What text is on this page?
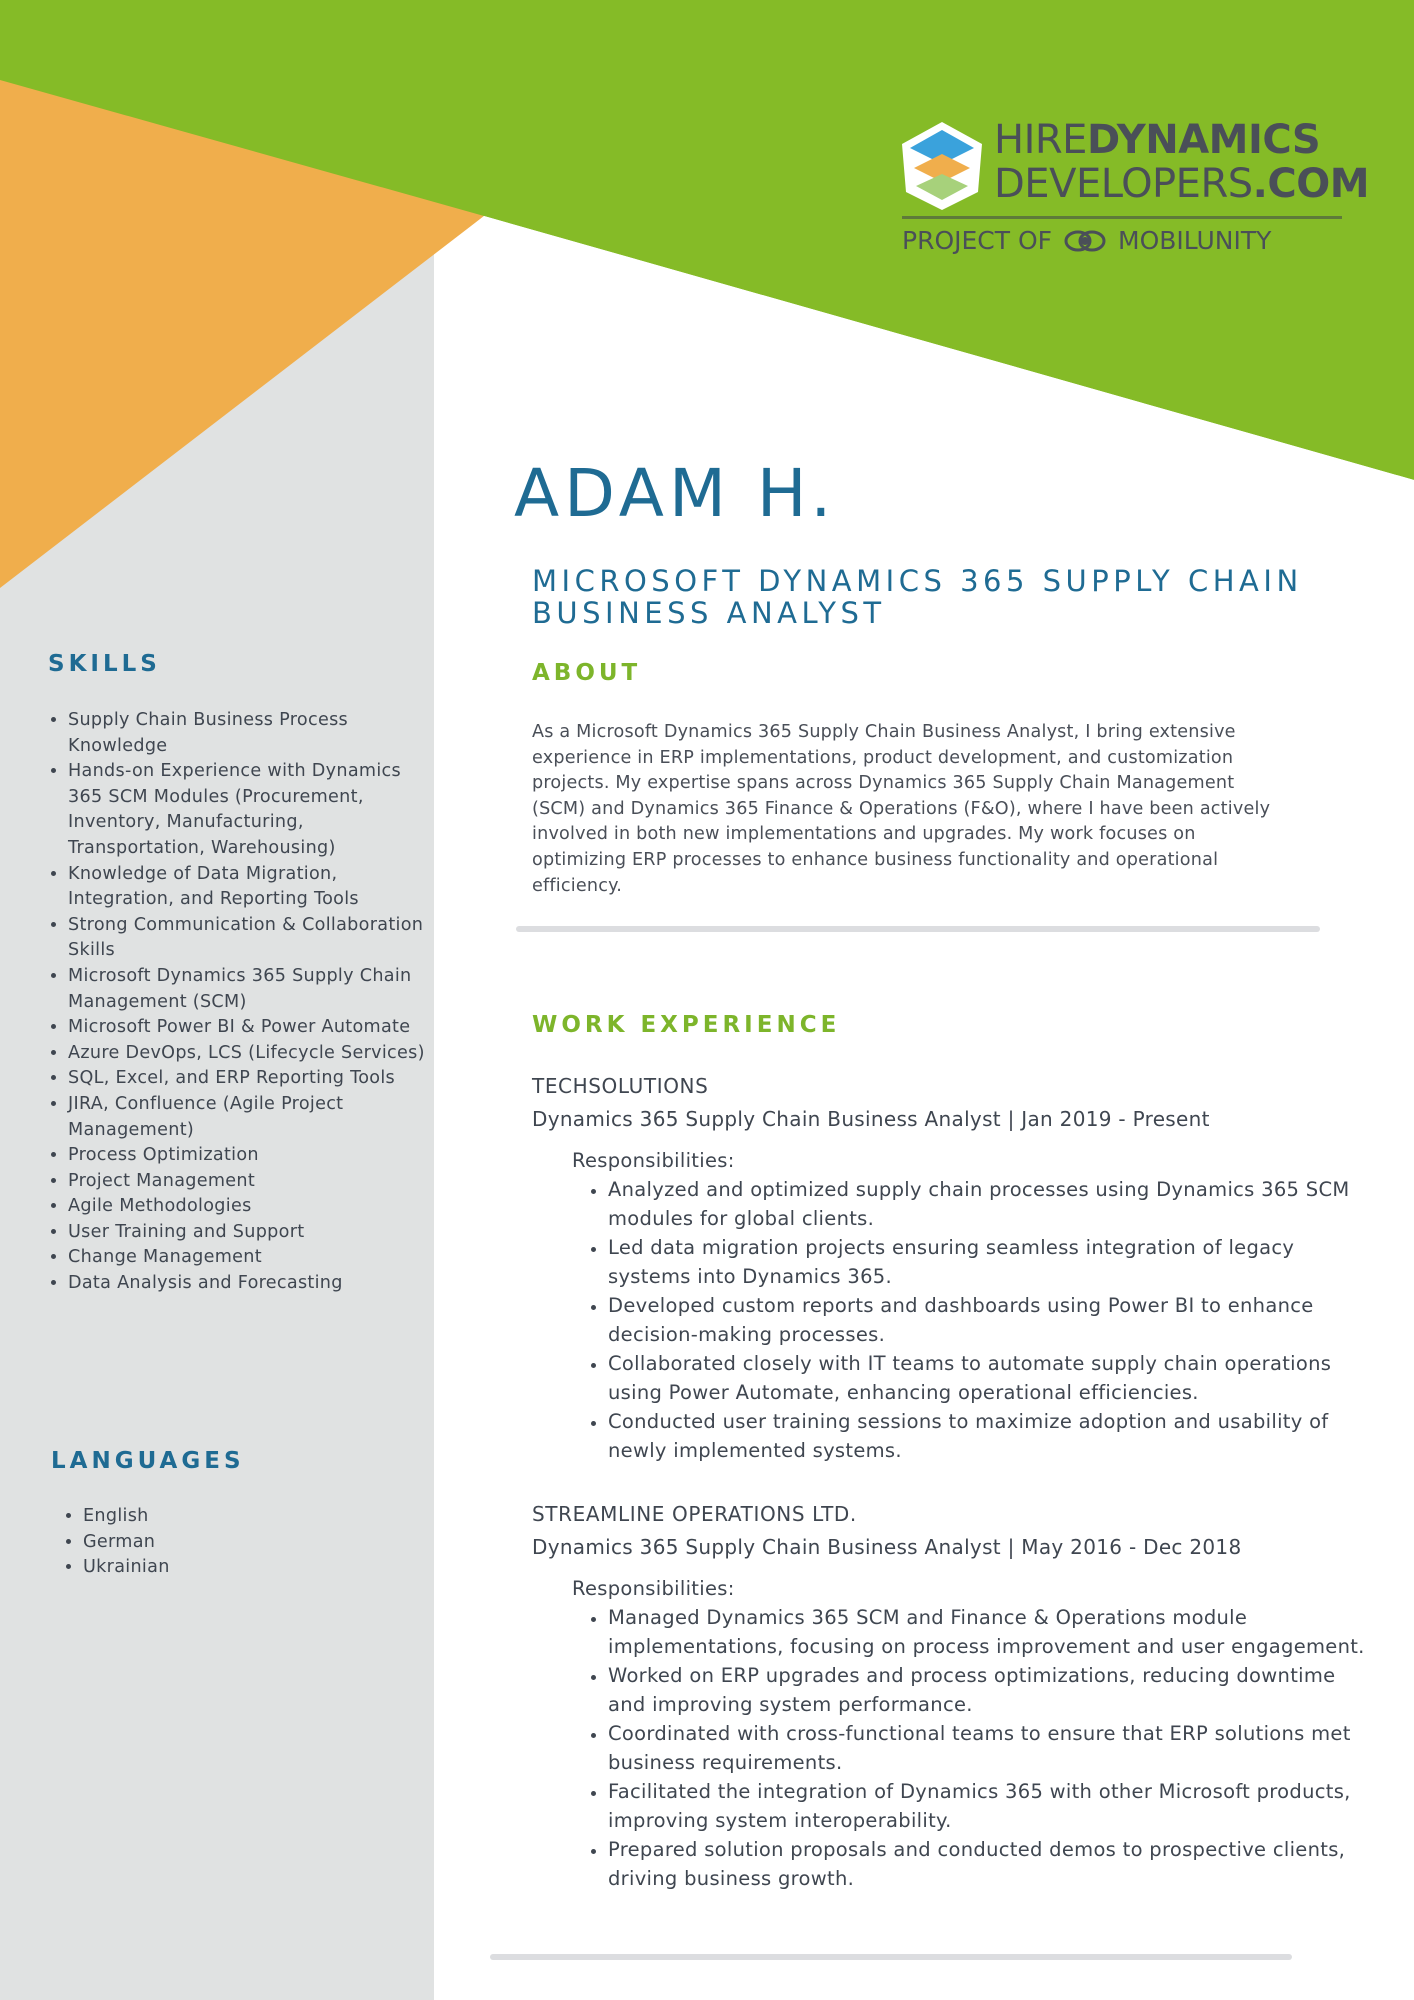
HIREDYNAMICS
DEVELOPERS.COM
PROJECT OF	MOBILUNITY
ADAM H.
MICROSOFT DYNAMICS 365 SUPPLY CHAIN BUSINESS ANALYST
ABOUT
As a Microsoft Dynamics 365 Supply Chain Business Analyst, I bring extensive experience in ERP implementations, product development, and customization projects. My expertise spans across Dynamics 365 Supply Chain Management (SCM) and Dynamics 365 Finance & Operations (F&O), where I have been actively involved in both new implementations and upgrades. My work focuses on optimizing ERP processes to enhance business functionality and operational efficiency.
WORK EXPERIENCE
TECHSOLUTIONS
Dynamics 365 Supply Chain Business Analyst | Jan 2019 - Present
Responsibilities:
• Analyzed and optimized supply chain processes using Dynamics 365 SCM modules for global clients.
• Led data migration projects ensuring seamless integration of legacy systems into Dynamics 365.
• Developed custom reports and dashboards using Power BI to enhance decision-making processes.
• Collaborated closely with IT teams to automate supply chain operations using Power Automate, enhancing operational efficiencies.
• Conducted user training sessions to maximize adoption and usability of newly implemented systems.
STREAMLINE OPERATIONS LTD.
Dynamics 365 Supply Chain Business Analyst | May 2016 - Dec 2018
Responsibilities:
• Managed Dynamics 365 SCM and Finance & Operations module implementations, focusing on process improvement and user engagement.
• Worked on ERP upgrades and process optimizations, reducing downtime and improving system performance.
• Coordinated with cross-functional teams to ensure that ERP solutions met business requirements.
• Facilitated the integration of Dynamics 365 with other Microsoft products, improving system interoperability.
• Prepared solution proposals and conducted demos to prospective clients, driving business growth.
SKILLS
• Supply Chain Business Process Knowledge
• Hands-on Experience with Dynamics 365 SCM Modules (Procurement, Inventory, Manufacturing, Transportation, Warehousing)
• Knowledge of Data Migration, Integration, and Reporting Tools
• Strong Communication & Collaboration Skills
• Microsoft Dynamics 365 Supply Chain Management (SCM)
• Microsoft Power BI & Power Automate
• Azure DevOps, LCS (Lifecycle Services)
• SQL, Excel, and ERP Reporting Tools
• JIRA, Confluence (Agile Project Management)
• Process Optimization
• Project Management
• Agile Methodologies
• User Training and Support
• Change Management
• Data Analysis and Forecasting
LANGUAGES
• English
• German
• Ukrainian
